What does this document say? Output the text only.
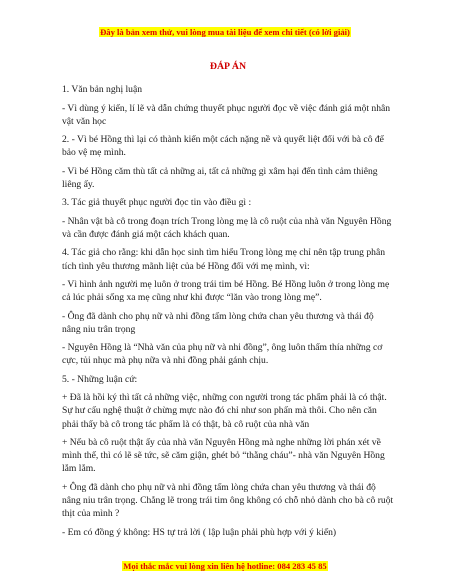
Đây là bản xem thử, vui lòng mua tài liệu để xem chi tiết (có lời giải)
ĐÁP ÁN

1. Văn bản nghị luận

- Vì dùng ý kiến, lí lẽ và dẫn chứng thuyết phục người đọc về việc đánh giá một nhân vật văn học

2. - Vì bé Hồng thì lại có thành kiến một cách nặng nề và quyết liệt đối với bà cô để bảo vệ mẹ mình.

- Vì bé Hồng căm thù tất cả những ai, tất cả những gì xâm hại đến tình cảm thiêng liêng ấy.

3. Tác giả thuyết phục người đọc tin vào điều gì :

- Nhân vật bà cô trong đoạn trích Trong lòng mẹ là cô ruột của nhà văn Nguyên Hồng và cần được đánh giá một cách khách quan.

4. Tác giả cho rằng: khi dẫn học sinh tìm hiểu Trong lòng mẹ chỉ nên tập trung phân tích tình yêu thương mãnh liệt của bé Hồng đối với mẹ mình, vì:

- Vì hình ảnh người mẹ luôn ở trong trái tim bé Hồng. Bé Hồng luôn ở trong lòng mẹ cả lúc phải sống xa mẹ cũng như khi được “lăn vào trong lòng mẹ”.

- Ông đã dành cho phụ nữ và nhi đồng tấm lòng chứa chan yêu thương và thái độ nâng niu trân trọng

- Nguyên Hồng là “Nhà văn của phụ nữ và nhi đồng”, ông luôn thấm thía những cơ cực, tủi nhục mà phụ nữa và nhi đồng phải gánh chịu.

5. - Những luận cứ:

+ Đã là hồi ký thì tất cả những việc, những con người trong tác phẩm phải là có thật. Sự hư cấu nghệ thuật ở chừng mực nào đó chỉ như son phấn mà thôi. Cho nên căn phải thấy bà cô trong tác phẩm là có thật, bà cô ruột của nhà văn

+ Nếu bà cô ruột thật ấy của nhà văn Nguyên Hồng mà nghe những lời phán xét về mình thế, thì có lẽ sẽ tức, sẽ căm giận, ghét bỏ “thằng cháu”- nhà văn Nguyên Hồng lắm lắm.

+ Ông đã dành cho phụ nữ và nhi đồng tấm lòng chứa chan yêu thương và thái độ nâng niu trân trọng. Chẳng lẽ trong trái tim ông không có chỗ nhỏ dành cho bà cô ruột thịt của mình ?

- Em có đồng ý không: HS tự trả lời ( lập luận phải phù hợp với ý kiến)

Mọi thắc mắc vui lòng xin liên hệ hotline: 084 283 45 85
